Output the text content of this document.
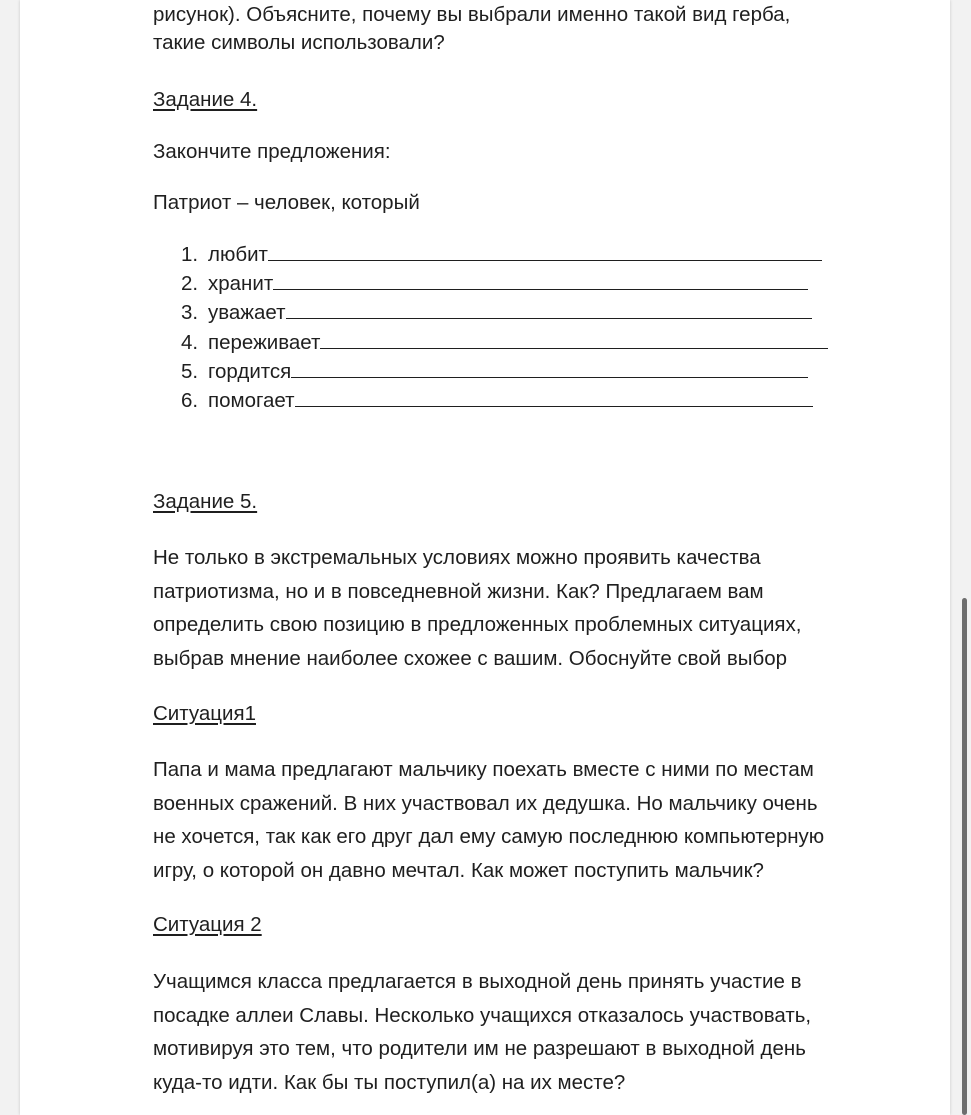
рисунок). Объясните, почему вы выбрали именно такой вид герба,
такие символы использовали?
Задание 4.
Закончите предложения:
Патриот – человек, который
1. любит
2. хранит
3. уважает
4. переживает
5. гордится
6. помогает
Задание 5.
Не только в экстремальных условиях можно проявить качества
патриотизма, но и в повседневной жизни. Как? Предлагаем вам
определить свою позицию в предложенных проблемных ситуациях,
выбрав мнение наиболее схожее с вашим. Обоснуйте свой выбор
Ситуация1
Папа и мама предлагают мальчику поехать вместе с ними по местам
военных сражений. В них участвовал их дедушка. Но мальчику очень
не хочется, так как его друг дал ему самую последнюю компьютерную
игру, о которой он давно мечтал. Как может поступить мальчик?
Ситуация 2
Учащимся класса предлагается в выходной день принять участие в
посадке аллеи Славы. Несколько учащихся отказалось участвовать,
мотивируя это тем, что родители им не разрешают в выходной день
куда-то идти. Как бы ты поступил(а) на их месте?
